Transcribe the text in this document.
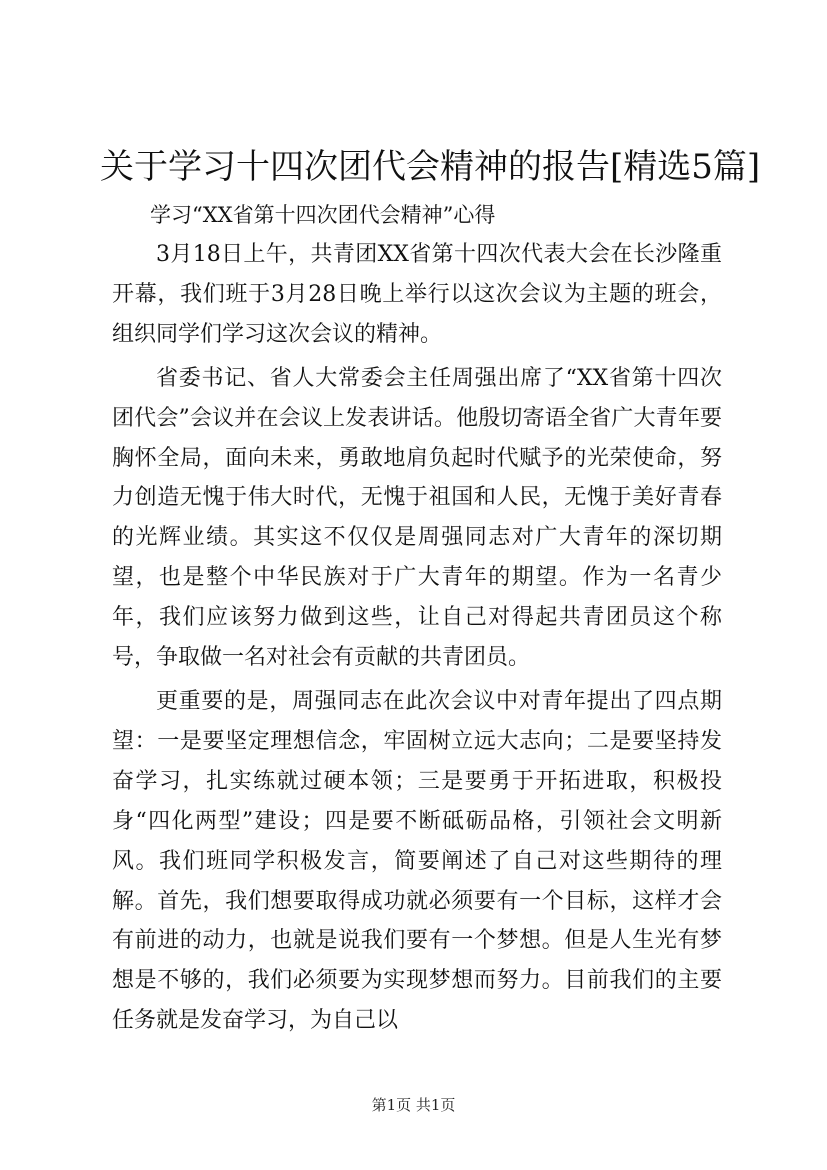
关于学习十四次团代会精神的报告[精选5篇]
学习“XX省第十四次团代会精神”心得

3月18日上午，共青团XX省第十四次代表大会在长沙隆重开幕，我们班于3月28日晚上举行以这次会议为主题的班会，组织同学们学习这次会议的精神。

省委书记、省人大常委会主任周强出席了“XX省第十四次团代会”会议并在会议上发表讲话。他殷切寄语全省广大青年要胸怀全局，面向未来，勇敢地肩负起时代赋予的光荣使命，努力创造无愧于伟大时代，无愧于祖国和人民，无愧于美好青春的光辉业绩。其实这不仅仅是周强同志对广大青年的深切期望，也是整个中华民族对于广大青年的期望。作为一名青少年，我们应该努力做到这些，让自己对得起共青团员这个称号，争取做一名对社会有贡献的共青团员。

更重要的是，周强同志在此次会议中对青年提出了四点期望：一是要坚定理想信念，牢固树立远大志向；二是要坚持发奋学习，扎实练就过硬本领；三是要勇于开拓进取，积极投身“四化两型”建设；四是要不断砥砺品格，引领社会文明新风。我们班同学积极发言，简要阐述了自己对这些期待的理解。首先，我们想要取得成功就必须要有一个目标，这样才会有前进的动力，也就是说我们要有一个梦想。但是人生光有梦想是不够的，我们必须要为实现梦想而努力。目前我们的主要任务就是发奋学习，为自己以

第1页 共1页
